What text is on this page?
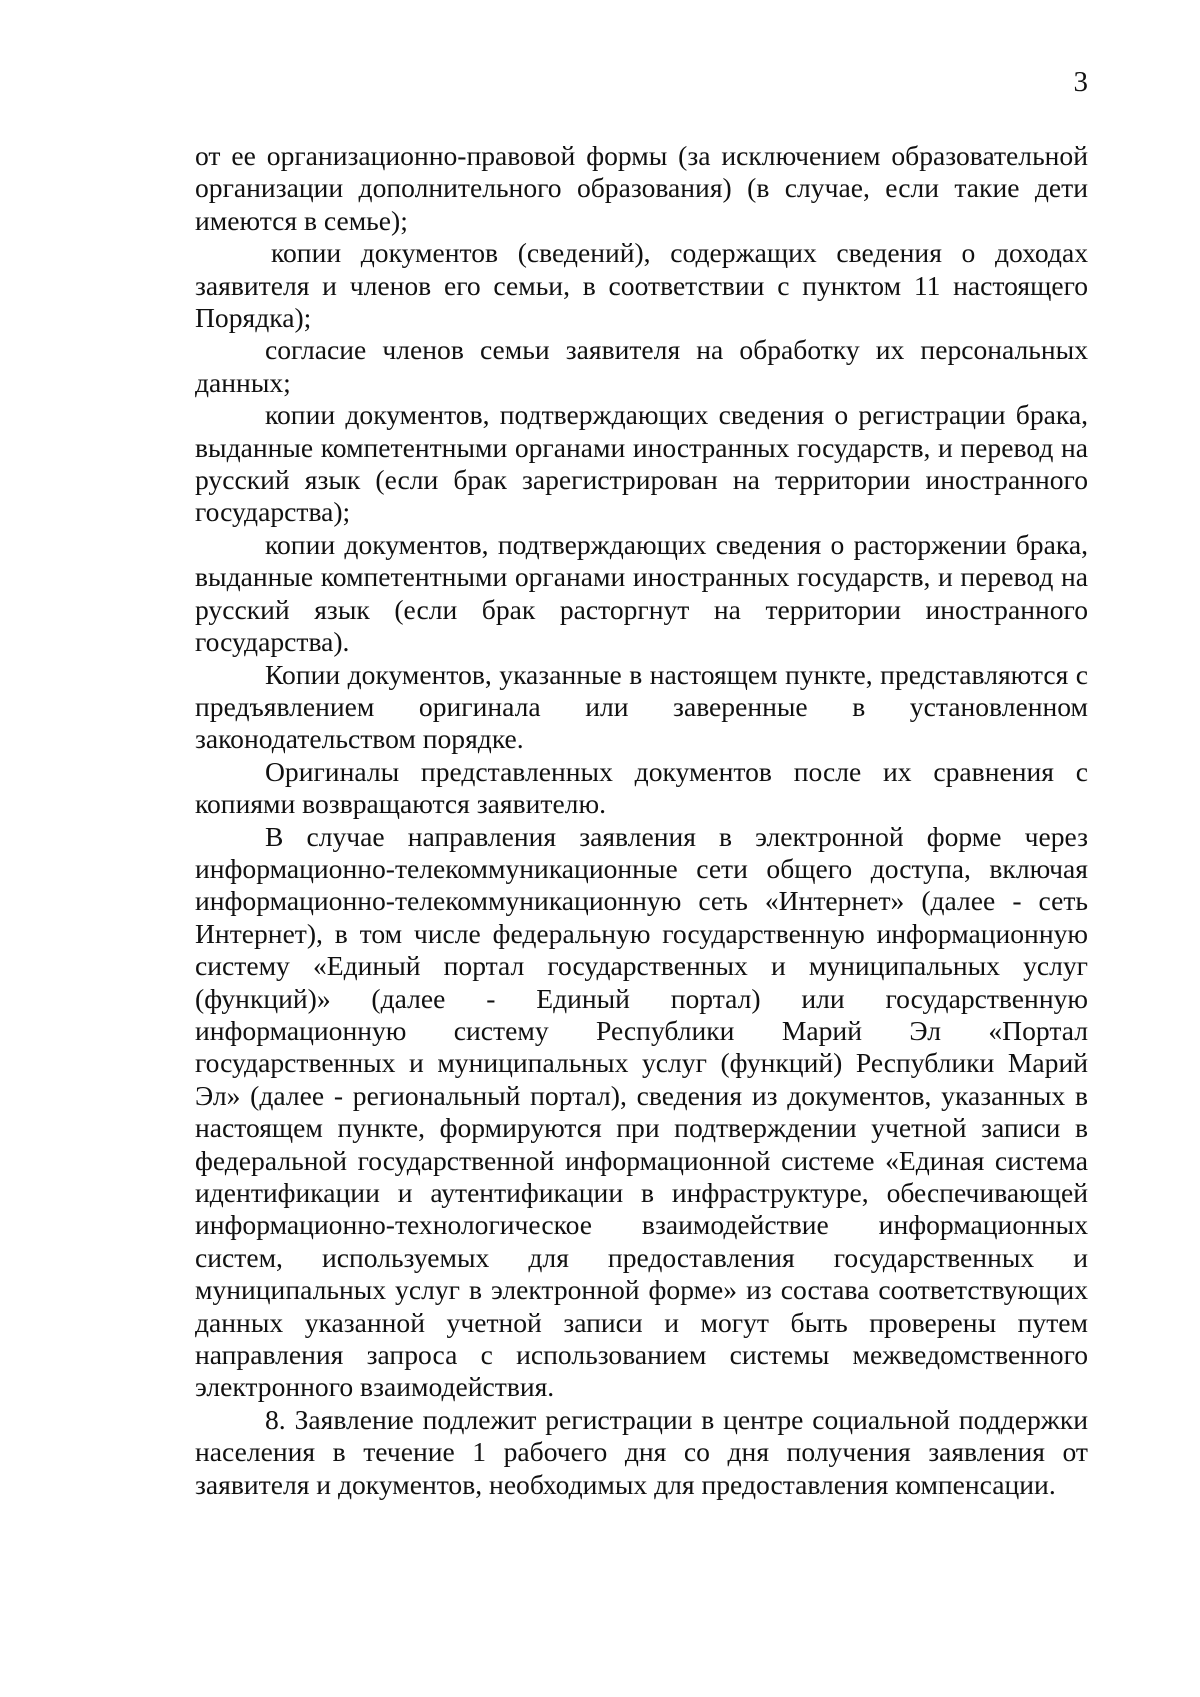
3

от ее организационно-правовой формы (за исключением образовательной организации дополнительного образования) (в случае, если такие дети имеются в семье);

копии документов (сведений), содержащих сведения о доходах заявителя и членов его семьи, в соответствии с пунктом 11 настоящего Порядка);

согласие членов семьи заявителя на обработку их персональных данных;

копии документов, подтверждающих сведения о регистрации брака, выданные компетентными органами иностранных государств, и перевод на русский язык (если брак зарегистрирован на территории иностранного государства);

копии документов, подтверждающих сведения о расторжении брака, выданные компетентными органами иностранных государств, и перевод на русский язык (если брак расторгнут на территории иностранного государства).

Копии документов, указанные в настоящем пункте, представляются с предъявлением оригинала или заверенные в установленном законодательством порядке.

Оригиналы представленных документов после их сравнения с копиями возвращаются заявителю.

В случае направления заявления в электронной форме через информационно-телекоммуникационные сети общего доступа, включая информационно-телекоммуникационную сеть «Интернет» (далее - сеть Интернет), в том числе федеральную государственную информационную систему «Единый портал государственных и муниципальных услуг (функций)» (далее - Единый портал) или государственную информационную систему Республики Марий Эл «Портал государственных и муниципальных услуг (функций) Республики Марий Эл» (далее - региональный портал), сведения из документов, указанных в настоящем пункте, формируются при подтверждении учетной записи в федеральной государственной информационной системе «Единая система идентификации и аутентификации в инфраструктуре, обеспечивающей информационно-технологическое взаимодействие информационных систем, используемых для предоставления государственных и муниципальных услуг в электронной форме» из состава соответствующих данных указанной учетной записи и могут быть проверены путем направления запроса с использованием системы межведомственного электронного взаимодействия.

8. Заявление подлежит регистрации в центре социальной поддержки населения в течение 1 рабочего дня со дня получения заявления от заявителя и документов, необходимых для предоставления компенсации.
